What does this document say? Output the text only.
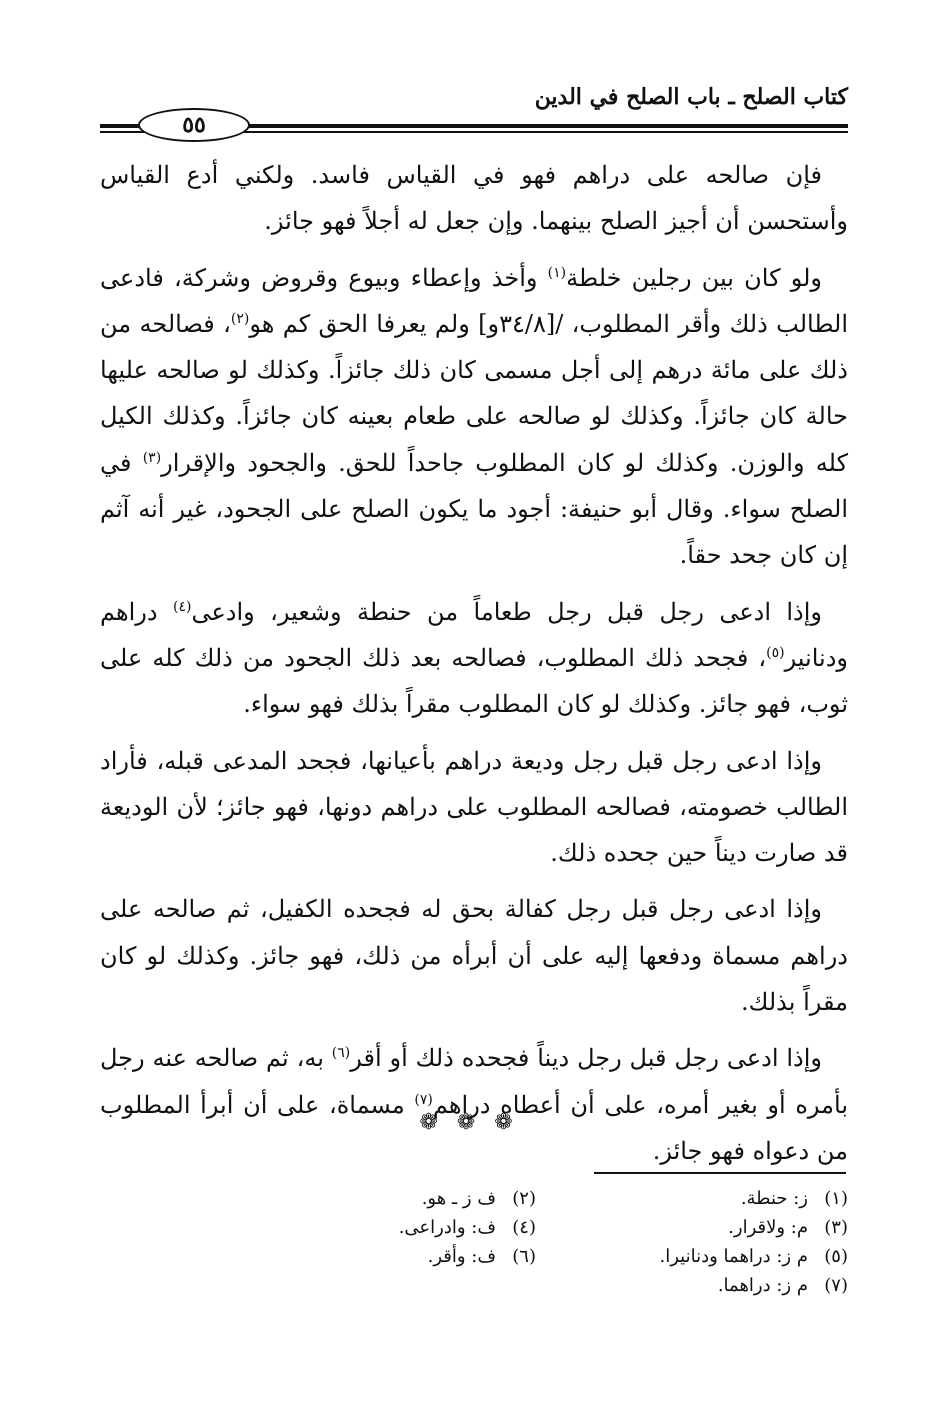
كتاب الصلح ـ باب الصلح في الدين
٥٥

فإن صالحه على دراهم فهو في القياس فاسد. ولكني أدع القياس وأستحسن أن أجيز الصلح بينهما. وإن جعل له أجلاً فهو جائز.

ولو كان بين رجلين خلطة$^{(١)}$ وأخذ وإعطاء وبيوع وقروض وشركة، فادعى الطالب ذلك وأقر المطلوب، /[٣٤/٨و] ولم يعرفا الحق كم هو$^{(٢)}$، فصالحه من ذلك على مائة درهم إلى أجل مسمى كان ذلك جائزاً. وكذلك لو صالحه عليها حالة كان جائزاً. وكذلك لو صالحه على طعام بعينه كان جائزاً. وكذلك الكيل كله والوزن. وكذلك لو كان المطلوب جاحداً للحق. والجحود والإقرار$^{(٣)}$ في الصلح سواء. وقال أبو حنيفة: أجود ما يكون الصلح على الجحود، غير أنه آثم إن كان جحد حقاً.

وإذا ادعى رجل قبل رجل طعاماً من حنطة وشعير، وادعى$^{(٤)}$ دراهم ودنانير$^{(٥)}$، فجحد ذلك المطلوب، فصالحه بعد ذلك الجحود من ذلك كله على ثوب، فهو جائز. وكذلك لو كان المطلوب مقراً بذلك فهو سواء.

وإذا ادعى رجل قبل رجل وديعة دراهم بأعيانها، فجحد المدعى قبله، فأراد الطالب خصومته، فصالحه المطلوب على دراهم دونها، فهو جائز؛ لأن الوديعة قد صارت ديناً حين جحده ذلك.

وإذا ادعى رجل قبل رجل كفالة بحق له فجحده الكفيل، ثم صالحه على دراهم مسماة ودفعها إليه على أن أبرأه من ذلك، فهو جائز. وكذلك لو كان مقراً بذلك.

وإذا ادعى رجل قبل رجل ديناً فجحده ذلك أو أقر$^{(٦)}$ به، ثم صالحه عنه رجل بأمره أو بغير أمره، على أن أعطاه دراهم$^{(٧)}$ مسماة، على أن أبرأ المطلوب من دعواه فهو جائز.

❁ ❁ ❁
(١)ز: حنطة.
(٢)ف ز ـ هو.
(٣)م: ولاقرار.
(٤)ف: وادراعى.
(٥)م ز: دراهما ودنانيرا.
(٦)ف: وأقر.
(٧)م ز: دراهما.
